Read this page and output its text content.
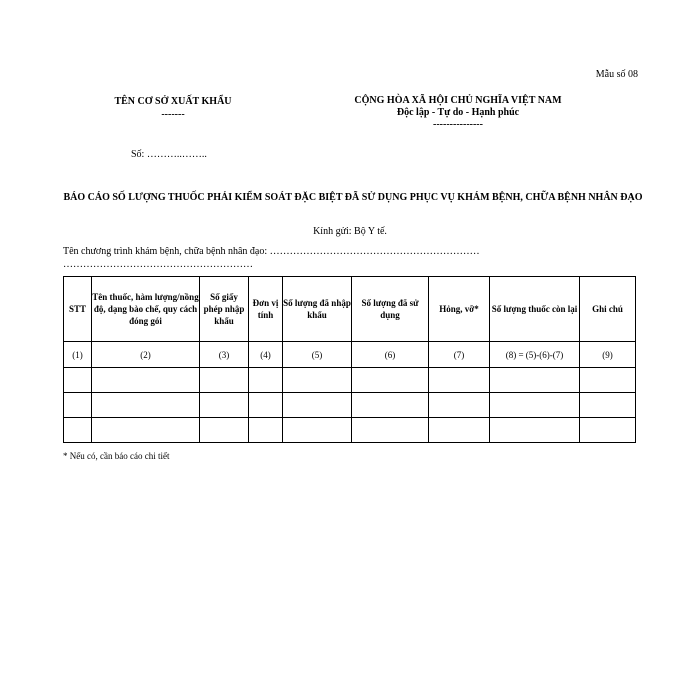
Mẫu số 08
TÊN CƠ SỞ XUẤT KHẨU
-------
CỘNG HÒA XÃ HỘI CHỦ NGHĨA VIỆT NAM
Độc lập - Tự do - Hạnh phúc
---------------
Số: ………..……..
BÁO CÁO SỐ LƯỢNG THUỐC PHẢI KIỂM SOÁT ĐẶC BIỆT ĐÃ SỬ DỤNG PHỤC VỤ KHÁM BỆNH, CHỮA BỆNH NHÂN ĐẠO
Kính gửi: Bộ Y tế.
Tên chương trình khám bệnh, chữa bệnh nhân đạo: ………………………………………………………
…………………………………………………
STT	Tên thuốc, hàm lượng/nồng độ, dạng bào chế, quy cách đóng gói	Số giấy phép nhập khẩu	Đơn vị tính	Số lượng đã nhập khẩu	Số lượng đã sử dụng	Hỏng, vỡ*	Số lượng thuốc còn lại	Ghi chú
(1)	(2)	(3)	(4)	(5)	(6)	(7)	(8) = (5)-(6)-(7)	(9)

* Nếu có, cần báo cáo chi tiết
